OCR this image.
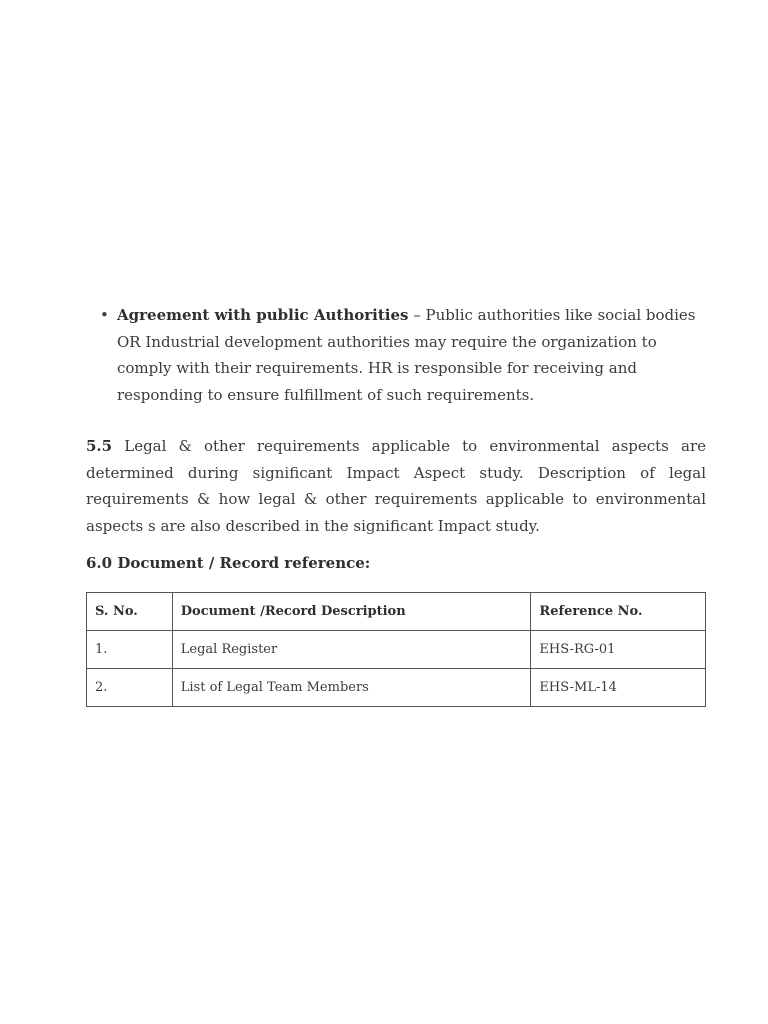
• Agreement with public Authorities – Public authorities like social bodies OR Industrial development authorities may require the organization to comply with their requirements. HR is responsible for receiving and responding to ensure fulfillment of such requirements.

5.5 Legal & other requirements applicable to environmental aspects are determined during significant Impact Aspect study. Description of legal requirements & how legal & other requirements applicable to environmental aspects s are also described in the significant Impact study.

6.0 Document / Record reference:
S. No.	Document /Record Description	Reference No.
1.	Legal Register	EHS-RG-01
2.	List of Legal Team Members	EHS-ML-14
